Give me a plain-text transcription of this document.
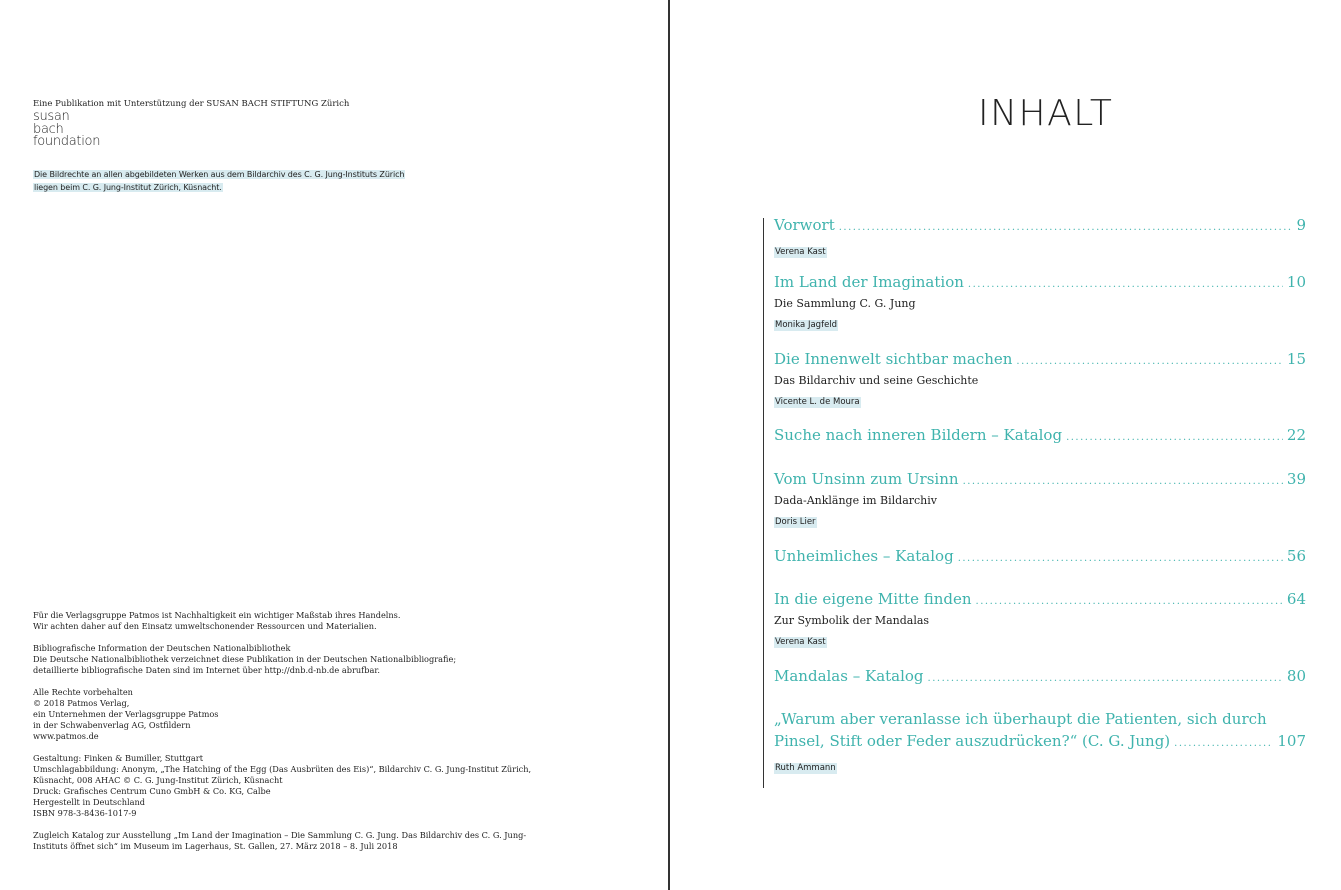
Eine Publikation mit Unterstützung der SUSAN BACH STIFTUNG Zürich
susan
bach
foundation
Die Bildrechte an allen abgebildeten Werken aus dem Bildarchiv des C. G. Jung-Instituts Zürich
liegen beim C. G. Jung-Institut Zürich, Küsnacht.
Für die Verlagsgruppe Patmos ist Nachhaltigkeit ein wichtiger Maßstab ihres Handelns.
Wir achten daher auf den Einsatz umweltschonender Ressourcen und Materialien.
Bibliografische Information der Deutschen Nationalbibliothek
Die Deutsche Nationalbibliothek verzeichnet diese Publikation in der Deutschen Nationalbibliografie;
detaillierte bibliografische Daten sind im Internet über http://dnb.d-nb.de abrufbar.
Alle Rechte vorbehalten
© 2018 Patmos Verlag,
ein Unternehmen der Verlagsgruppe Patmos
in der Schwabenverlag AG, Ostfildern
www.patmos.de
Gestaltung: Finken & Bumiller, Stuttgart
Umschlagabbildung: Anonym, „The Hatching of the Egg (Das Ausbrüten des Eis)“, Bildarchiv C. G. Jung-Institut Zürich,
Küsnacht, 008 AHAC © C. G. Jung-Institut Zürich, Küsnacht
Druck: Grafisches Centrum Cuno GmbH & Co. KG, Calbe
Hergestellt in Deutschland
ISBN 978-3-8436-1017-9
Zugleich Katalog zur Ausstellung „Im Land der Imagination – Die Sammlung C. G. Jung. Das Bildarchiv des C. G. Jung-
Instituts öffnet sich“ im Museum im Lagerhaus, St. Gallen, 27. März 2018 – 8. Juli 2018
INHALT
Vorwort .....	9
Verena Kast
Im Land der Imagination .....	10
Die Sammlung C. G. Jung
Monika Jagfeld
Die Innenwelt sichtbar machen .....	15
Das Bildarchiv und seine Geschichte
Vicente L. de Moura
Suche nach inneren Bildern – Katalog .....	22
Vom Unsinn zum Ursinn .....	39
Dada-Anklänge im Bildarchiv
Doris Lier
Unheimliches – Katalog .....	56
In die eigene Mitte finden .....	64
Zur Symbolik der Mandalas
Verena Kast
Mandalas – Katalog .....	80
„Warum aber veranlasse ich überhaupt die Patienten, sich durch
Pinsel, Stift oder Feder auszudrücken?“ (C. G. Jung) .....	107
Ruth Ammann
